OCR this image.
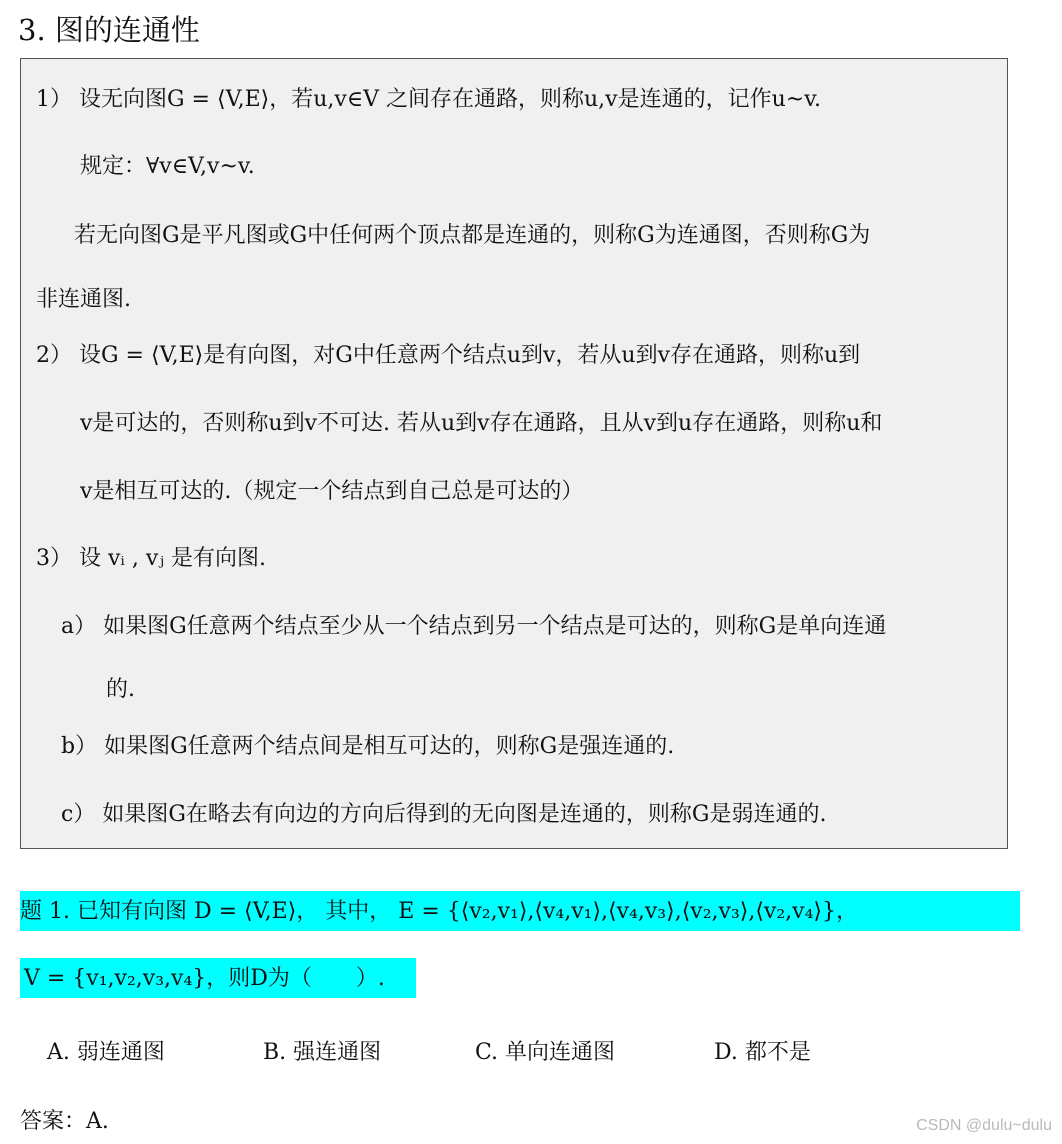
3. 图的连通性
1） 设无向图G = ⟨V,E⟩，若u,v∈V 之间存在通路，则称u,v是连通的，记作u~v.
规定：∀v∈V,v~v.
若无向图G是平凡图或G中任何两个顶点都是连通的，则称G为连通图，否则称G为
非连通图.
2） 设G = ⟨V,E⟩是有向图，对G中任意两个结点u到v，若从u到v存在通路，则称u到
v是可达的，否则称u到v不可达. 若从u到v存在通路，且从v到u存在通路，则称u和
v是相互可达的.（规定一个结点到自己总是可达的）
3） 设 vᵢ , vⱼ 是有向图.
a） 如果图G任意两个结点至少从一个结点到另一个结点是可达的，则称G是单向连通
的.
b） 如果图G任意两个结点间是相互可达的，则称G是强连通的.
c） 如果图G在略去有向边的方向后得到的无向图是连通的，则称G是弱连通的.
题 1. 已知有向图 D = ⟨V,E⟩， 其中， E = {⟨v₂,v₁⟩,⟨v₄,v₁⟩,⟨v₄,v₃⟩,⟨v₂,v₃⟩,⟨v₂,v₄⟩}，
V = {v₁,v₂,v₃,v₄}，则D为（　　）.
A. 弱连通图	B. 强连通图	C. 单向连通图	D. 都不是
答案：A.	CSDN @dulu~dulu
